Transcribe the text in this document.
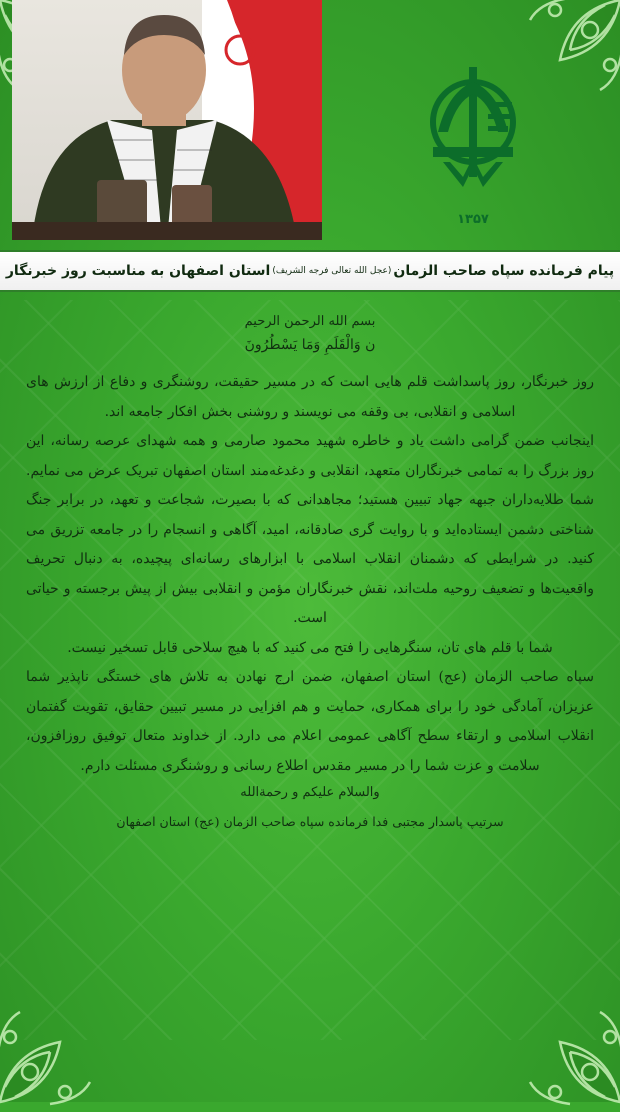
۱۳۵۷
پیام فرمانده سپاه صاحب الزمان
(عجل الله تعالی فرجه الشریف)
استان اصفهان به مناسبت روز خبرنگار
بسم الله الرحمن الرحیم
ن وَالْقَلَمِ وَمَا يَسْطُرُونَ

روز خبرنگار، روز پاسداشت قلم هایی است که در مسیر حقیقت، روشنگری و دفاع از ارزش های اسلامی و انقلابی، بی وقفه می نویسند و روشنی بخش افکار جامعه اند.

اینجانب ضمن گرامی داشت یاد و خاطره شهید محمود صارمی و همه شهدای عرصه رسانه، این روز بزرگ را به تمامی خبرنگاران متعهد، انقلابی و دغدغه‌مند استان اصفهان تبریک عرض می نمایم. شما طلایه‌داران جبهه جهاد تبیین هستید؛ مجاهدانی که با بصیرت، شجاعت و تعهد، در برابر جنگ شناختی دشمن ایستاده‌اید و با روایت گری صادقانه، امید، آگاهی و انسجام را در جامعه تزریق می کنید. در شرایطی که دشمنان انقلاب اسلامی با ابزارهای رسانه‌ای پیچیده، به دنبال تحریف واقعیت‌ها و تضعیف روحیه ملت‌اند، نقش خبرنگاران مؤمن و انقلابی بیش از پیش برجسته و حیاتی است.

شما با قلم های تان، سنگرهایی را فتح می کنید که با هیچ سلاحی قابل تسخیر نیست.

سپاه صاحب الزمان (عج) استان اصفهان، ضمن ارج نهادن به تلاش های خستگی ناپذیر شما عزیزان، آمادگی خود را برای همکاری، حمایت و هم افزایی در مسیر تبیین حقایق، تقویت گفتمان انقلاب اسلامی و ارتقاء سطح آگاهی عمومی اعلام می دارد. از خداوند متعال توفیق روزافزون، سلامت و عزت شما را در مسیر مقدس اطلاع رسانی و روشنگری مسئلت دارم.

والسلام علیکم و رحمة‌الله
سرتیپ پاسدار مجتبی فدا فرمانده سپاه صاحب الزمان (عج) استان اصفهان
